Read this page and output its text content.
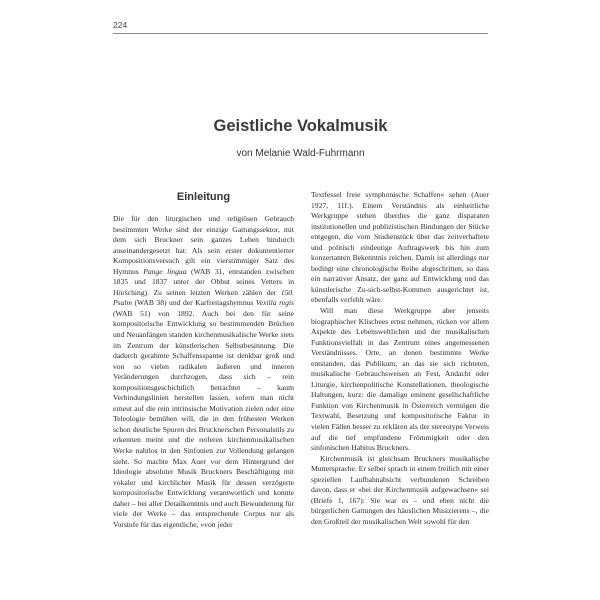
224
Geistliche Vokalmusik
von Melanie Wald-Fuhrmann
Einleitung

Die für den liturgischen und religiösen Gebrauch bestimmten Werke sind der einzige Gattungssektor, mit dem sich Bruckner sein ganzes Leben hindurch auseinandergesetzt hat: Als sein erster dokumentierter Kompositionsversuch gilt ein vierstimmiger Satz des Hymnus Pange lingua (WAB 31, entstanden zwischen 1835 und 1837 unter der Obhut seines Vetters in Hörsching). Zu seinen letzten Werken zählen der 150. Psalm (WAB 38) und der Karfreitagshymnus Vexilla regis (WAB 51) von 1892. Auch bei den für seine kompositorische Entwicklung so bestimmenden Brüchen und Neuanfängen standen kirchenmusikalische Werke stets im Zentrum der künstlerischen Selbstbesinnung. Die dadurch gerahmte Schaffensspanne ist denkbar groß und von so vielen radikalen äußeren und inneren Veränderungen durchzogen, dass sich – rein kompositionsgeschichtlich betrachtet – kaum Verbindungslinien herstellen lassen, sofern man nicht erneut auf die rein intrinsische Motivation zielen oder eine Teleologie bemühen will, die in den frühesten Werken schon deutliche Spuren des Brucknerschen Personalstils zu erkennen meint und die reiferen kirchenmusikalischen Werke nahtlos in den Sinfonien zur Vollendung gelangen sieht. So machte Max Auer vor dem Hintergrund der Ideologie absoluter Musik Bruckners Beschäftigung mit vokaler und kirchlicher Musik für dessen verzögerte kompositorische Entwicklung verantwortlich und konnte daher – bei aller Detailkenntnis und auch Bewunderung für viele der Werke – das entsprechende Corpus nur als Vorstufe für das eigentliche, »von jeder

Textfessel freie symphonische Schaffen« sehen (Auer 1927, 11f.). Einem Verständnis als einheitliche Werkgruppe stehen überdies die ganz disparaten institutionellen und publizistischen Bindungen der Stücke entgegen, die vom Studienstück über das zeitverhaftete und politisch eindeutige Auftragswerk bis hin zum konzertanten Bekenntnis reichen. Damit ist allerdings nur bedingt eine chronologische Reihe abgeschritten, so dass ein narrativer Ansatz, der ganz auf Entwicklung und das künstlerische Zu-sich-selbst-Kommen ausgerichtet ist, ebenfalls verfehlt wäre.

Will man diese Werkgruppe aber jenseits biographischer Klischees ernst nehmen, rücken vor allem Aspekte des Lebensweltlichen und der musikalischen Funktionsvielfalt in das Zentrum eines angemessenen Verständnisses. Orte, an denen bestimmte Werke entstanden, das Publikum, an das sie sich richteten, musikalische Gebrauchsweisen an Fest, Andacht oder Liturgie, kirchenpolitische Konstellationen, theologische Haltungen, kurz: die damalige eminent gesellschaftliche Funktion von Kirchenmusik in Österreich vermögen die Textwahl, Besetzung und kompositorische Faktur in vielen Fällen besser zu erklären als der stereotype Verweis auf die tief empfundene Frömmigkeit oder den sinfonischen Habitus Bruckners.

Kirchenmusik ist gleichsam Bruckners musikalische Muttersprache. Er selber sprach in einem freilich mit einer speziellen Laufbahnabsicht verbundenen Schreiben davon, dass er »bei der Kirchenmusik aufgewachsen« sei (Briefe 1, 167): Sie war es – und eben nicht die bürgerlichen Gattungen des häuslichen Musizierens –, die den Großteil der musikalischen Welt sowohl für den
